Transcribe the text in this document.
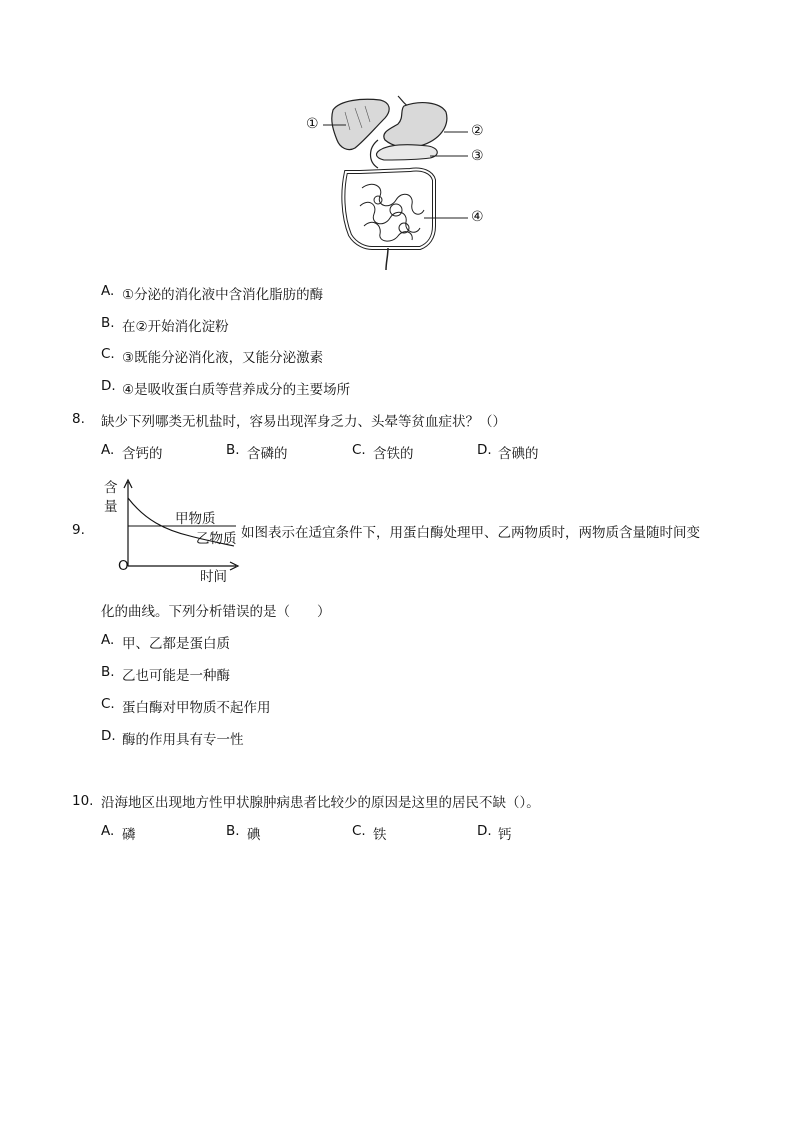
①	②
③
④
A. ①分泌的消化液中含消化脂肪的酶
B. 在②开始消化淀粉
C. ③既能分泌消化液，又能分泌激素
D. ④是吸收蛋白质等营养成分的主要场所
8. 缺少下列哪类无机盐时，容易出现浑身乏力、头晕等贫血症状？（）
A. 含钙的	B. 含磷的	C. 含铁的	D. 含碘的
9.
含
量
甲物质
乙物质
O
时间
如图表示在适宜条件下，用蛋白酶处理甲、乙两物质时，两物质含量随时间变
化的曲线。下列分析错误的是（　　）
A. 甲、乙都是蛋白质
B. 乙也可能是一种酶
C. 蛋白酶对甲物质不起作用
D. 酶的作用具有专一性
10. 沿海地区出现地方性甲状腺肿病患者比较少的原因是这里的居民不缺（）。
A. 磷	B. 碘	C. 铁	D. 钙
